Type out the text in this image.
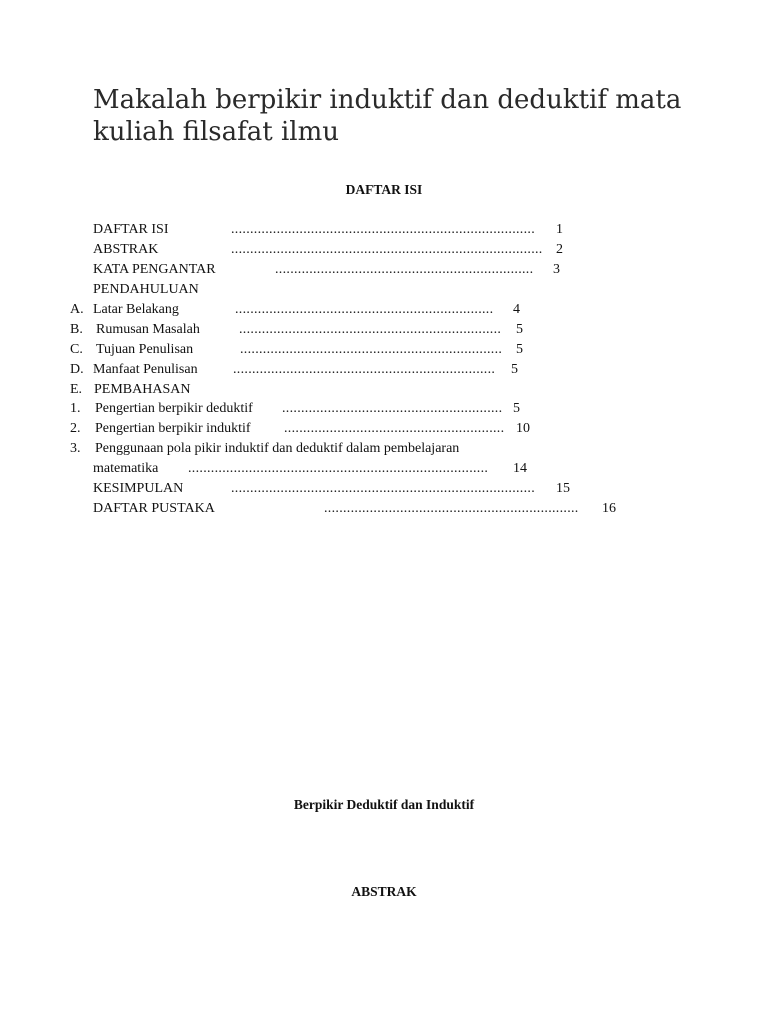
Makalah berpikir induktif dan deduktif mata kuliah filsafat ilmu
DAFTAR ISI
DAFTAR ISI	................................................................................	1
ABSTRAK	.................................................................................. 2
KATA PENGANTAR	....................................................................	3
PENDAHULUAN
A. Latar Belakang	....................................................................	4
B. Rumusan Masalah	.....................................................................	5
C. Tujuan Penulisan	..................................................................... 5
D. Manfaat Penulisan	.....................................................................	5
E. PEMBAHASAN
1.	Pengertian berpikir deduktif .......................................................... 5
2.	Pengertian berpikir induktif .......................................................... 10
3.	Penggunaan pola pikir induktif dan deduktif dalam pembelajaran
matematika ...............................................................................	14
KESIMPULAN	................................................................................	15
DAFTAR PUSTAKA	...................................................................	16
Berpikir Deduktif dan Induktif
ABSTRAK
